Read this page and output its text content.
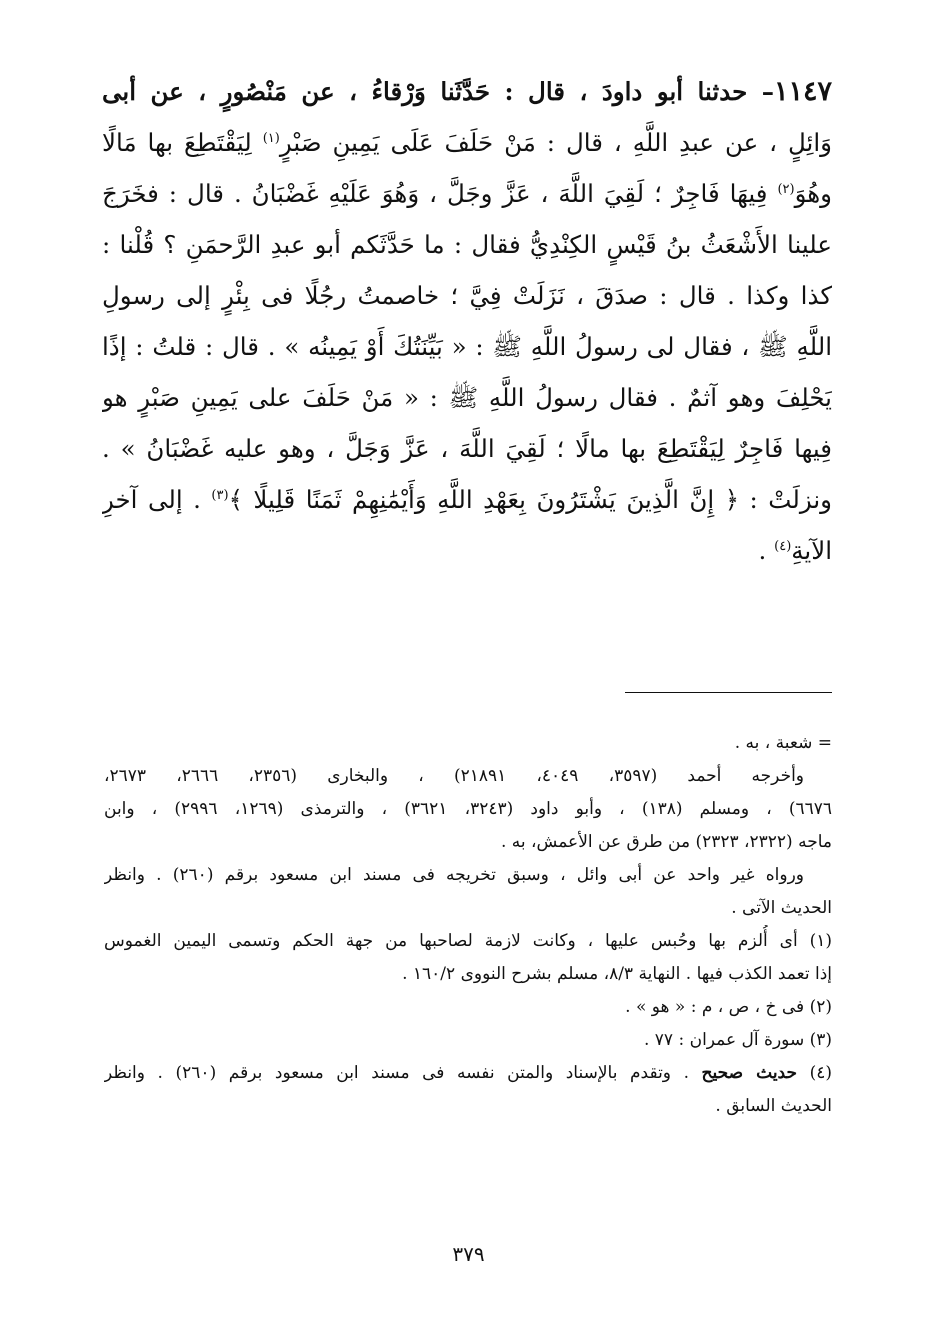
١١٤٧– حدثنا أبو داودَ ، قال : حَدَّثَنا وَرْقاءُ ، عن مَنْصُورٍ ، عن أبى
وَائِلٍ ، عن عبدِ اللَّهِ ، قال : مَنْ حَلَفَ عَلَى يَمِينِ صَبْرٍ$^{(١)}$ لِيَقْتَطِعَ بها مَالًا
وهُوَ$^{(٢)}$ فِيهَا فَاجِرٌ ؛ لَقِيَ اللَّهَ ، عَزَّ وجَلَّ ، وَهُوَ عَلَيْهِ غَضْبَانُ . قال : فخَرَجَ
علينا الأَشْعَثُ بنُ قَيْسٍ الكِنْدِيُّ فقال : ما حَدَّثَكم أبو عبدِ الرَّحمَنِ ؟ قُلْنا :
كذا وكذا . قال : صدَقَ ، نَزَلَتْ فِيَّ ؛ خاصمتُ رجُلًا فى بِئْرٍ إلى رسولِ
اللَّهِ ﷺ ، فقال لى رسولُ اللَّهِ ﷺ : « بَيِّنَتُكَ أَوْ يَمِينُه » . قال : قلتُ : إذًا
يَحْلِفَ وهو آثمٌ . فقال رسولُ اللَّهِ ﷺ : « مَنْ حَلَفَ على يَمِينِ صَبْرٍ هو
فِيها فَاجِرٌ لِيَقْتَطِعَ بها مالًا ؛ لَقِيَ اللَّهَ ، عَزَّ وَجَلَّ ، وهو عليه غَضْبَانُ » .
ونزلَتْ : ﴿ إِنَّ الَّذِينَ يَشْتَرُونَ بِعَهْدِ اللَّهِ وَأَيْمَٰنِهِمْ ثَمَنًا قَلِيلًا ﴾$^{(٣)}$ . إلى آخرِ
الآيةِ$^{(٤)}$ .
= شعبة ، به .
وأخرجه أحمد (٣٥٩٧، ٤٠٤٩، ٢١٨٩١) ، والبخارى (٢٣٥٦، ٢٦٦٦، ٢٦٧٣،
٦٦٧٦) ، ومسلم (١٣٨) ، وأبو داود (٣٢٤٣، ٣٦٢١) ، والترمذى (١٢٦٩، ٢٩٩٦) ، وابن
ماجه (٢٣٢٢، ٢٣٢٣) من طرق عن الأعمش، به .
ورواه غير واحد عن أبى وائل ، وسبق تخريجه فى مسند ابن مسعود برقم (٢٦٠) . وانظر
الحديث الآتى .
(١) أى أُلزم بها وحُبس عليها ، وكانت لازمة لصاحبها من جهة الحكم وتسمى اليمين الغموس
إذا تعمد الكذب فيها . النهاية ٨/٣، مسلم بشرح النووى ١٦٠/٢ .
(٢) فى خ ، ص ، م : « هو » .
(٣) سورة آل عمران : ٧٧ .
(٤) حديث صحيح . وتقدم بالإسناد والمتن نفسه فى مسند ابن مسعود برقم (٢٦٠) . وانظر
الحديث السابق .
٣٧٩
